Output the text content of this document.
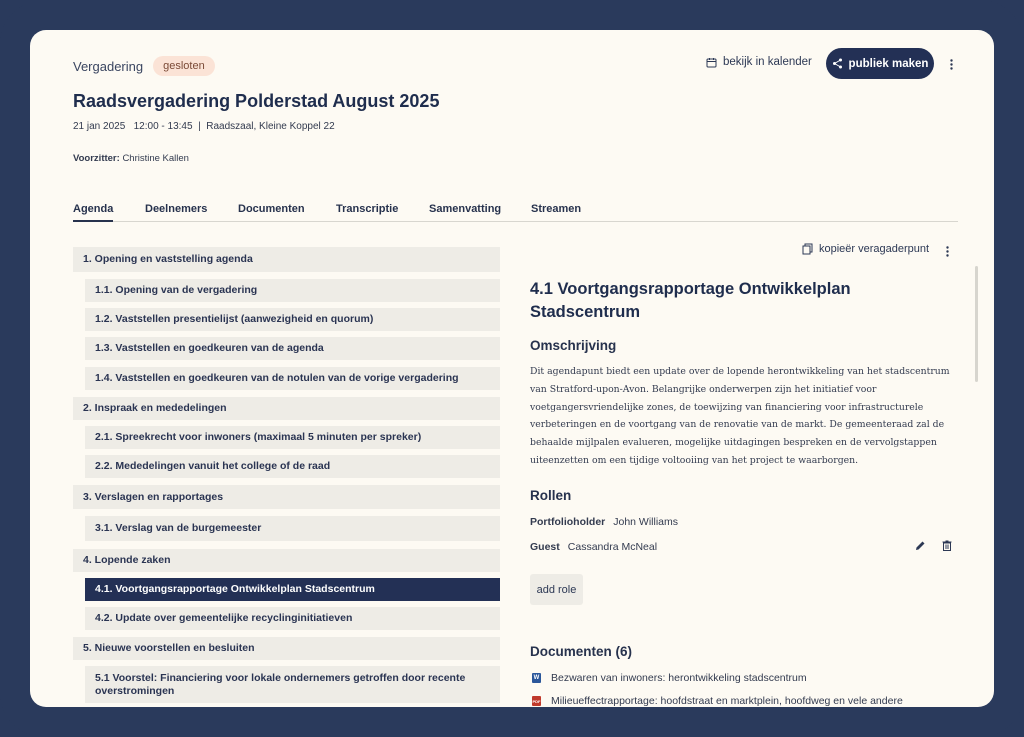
Vergadering	gesloten	bekijk in kalender	publiek maken
Raadsvergadering Polderstad August 2025
21 jan 2025   12:00 - 13:45  |  Raadszaal, Kleine Koppel 22
Voorzitter: Christine Kallen
Agenda	Deelnemers	Documenten	Transcriptie	Samenvatting	Streamen
1. Opening en vaststelling agenda
1.1. Opening van de vergadering
1.2. Vaststellen presentielijst (aanwezigheid en quorum)
1.3. Vaststellen en goedkeuren van de agenda
1.4. Vaststellen en goedkeuren van de notulen van de vorige vergadering
2. Inspraak en mededelingen
2.1. Spreekrecht voor inwoners (maximaal 5 minuten per spreker)
2.2. Mededelingen vanuit het college of de raad
3. Verslagen en rapportages
3.1. Verslag van de burgemeester
4. Lopende zaken
4.1. Voortgangsrapportage Ontwikkelplan Stadscentrum
4.2. Update over gemeentelijke recyclinginitiatieven
5. Nieuwe voorstellen en besluiten
5.1 Voorstel: Financiering voor lokale ondernemers getroffen door recente overstromingen
kopieër veragaderpunt
4.1 Voortgangsrapportage Ontwikkelplan Stadscentrum
Omschrijving
Dit agendapunt biedt een update over de lopende herontwikkeling van het stadscentrum van Stratford-upon-Avon. Belangrijke onderwerpen zijn het initiatief voor voetgangersvriendelijke zones, de toewijzing van financiering voor infrastructurele verbeteringen en de voortgang van de renovatie van de markt. De gemeenteraad zal de behaalde mijlpalen evalueren, mogelijke uitdagingen bespreken en de vervolgstappen uiteenzetten om een tijdige voltooiing van het project te waarborgen.
Rollen
Portfolioholder John Williams
Guest Cassandra McNeal
add role
Documenten (6)
W Bezwaren van inwoners: herontwikkeling stadscentrum
PDF Milieueffectrapportage: hoofdstraat en marktplein, hoofdweg en vele andere
